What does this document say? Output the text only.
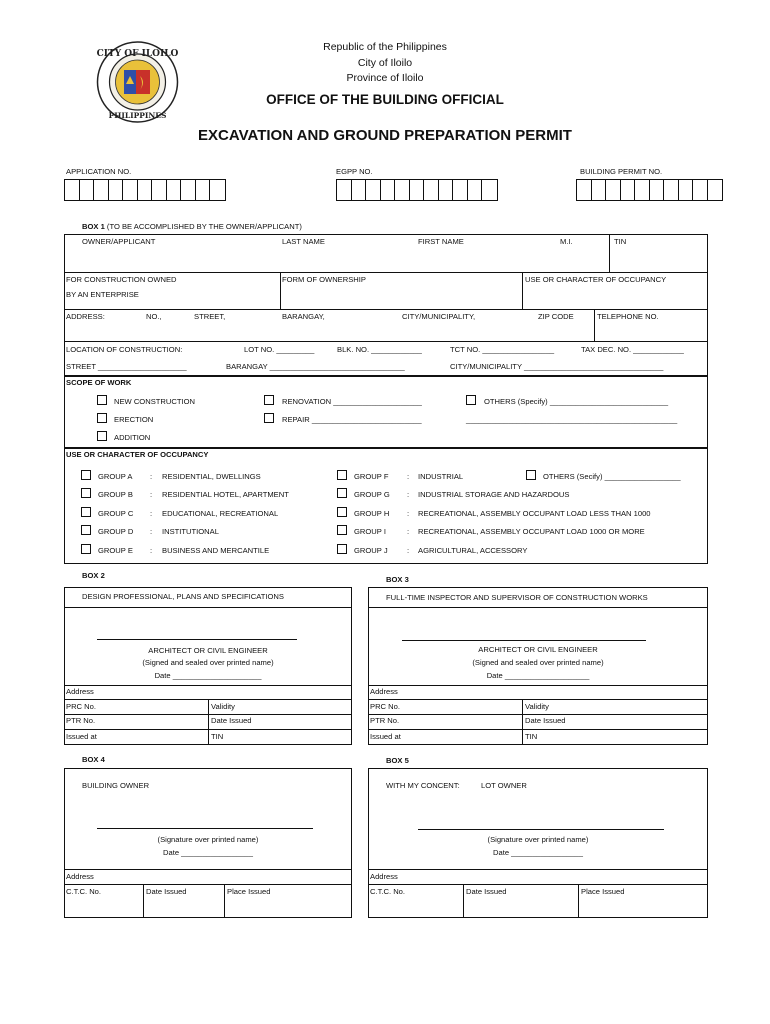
CITY OF ILOILO
PHILIPPINES
Republic of the Philippines
City of Iloilo
Province of Iloilo
OFFICE OF THE BUILDING OFFICIAL
EXCAVATION AND GROUND PREPARATION PERMIT
APPLICATION NO.	EGPP NO.	BUILDING PERMIT NO.
BOX 1 (TO BE ACCOMPLISHED BY THE OWNER/APPLICANT)
OWNER/APPLICANT	LAST NAME	FIRST NAME	M.I.	TIN
FOR CONSTRUCTION OWNED
BY AN ENTERPRISE
FORM OF OWNERSHIP	USE OR CHARACTER OF OCCUPANCY
ADDRESS:	NO.,	STREET,	BARANGAY,	CITY/MUNICIPALITY,	ZIP CODE	TELEPHONE NO.
LOCATION OF CONSTRUCTION:	LOT NO. _________	BLK. NO. ____________	TCT NO. _________________	TAX DEC. NO. ____________
STREET _____________________	BARANGAY ________________________________	CITY/MUNICIPALITY _________________________________
SCOPE OF WORK
NEW CONSTRUCTION
ERECTION
ADDITION
RENOVATION _____________________
REPAIR __________________________
OTHERS (Specify) ____________________________
__________________________________________________
USE OR CHARACTER OF OCCUPANCY
GROUP A : RESIDENTIAL, DWELLINGS
GROUP B : RESIDENTIAL HOTEL, APARTMENT
GROUP C : EDUCATIONAL, RECREATIONAL
GROUP D : INSTITUTIONAL
GROUP E : BUSINESS AND MERCANTILE
GROUP F : INDUSTRIAL
GROUP G : INDUSTRIAL STORAGE AND HAZARDOUS
GROUP H : RECREATIONAL, ASSEMBLY OCCUPANT LOAD LESS THAN 1000
GROUP I	: RECREATIONAL, ASSEMBLY OCCUPANT LOAD 1000 OR MORE
GROUP J	: AGRICULTURAL, ACCESSORY
OTHERS (Secify) __________________
BOX 2
DESIGN PROFESSIONAL, PLANS AND SPECIFICATIONS
ARCHITECT OR CIVIL ENGINEER
(Signed and sealed over printed name)
Date _____________________
Address
PRC No.	Validity
PTR No.	Date Issued
Issued at	TIN
BOX 3
FULL-TIME INSPECTOR AND SUPERVISOR OF CONSTRUCTION WORKS
ARCHITECT OR CIVIL ENGINEER
(Signed and sealed over printed name)
Date ____________________
Address
PRC No.	Validity
PTR No.	Date Issued
Issued at	TIN
BOX 4
BUILDING OWNER
(Signature over printed name)
Date _________________
Address
C.T.C. No.	Date Issued	Place Issued
BOX 5
WITH MY CONCENT:	LOT OWNER
(Signature over printed name)
Date _________________
Address
C.T.C. No.	Date Issued	Place Issued
